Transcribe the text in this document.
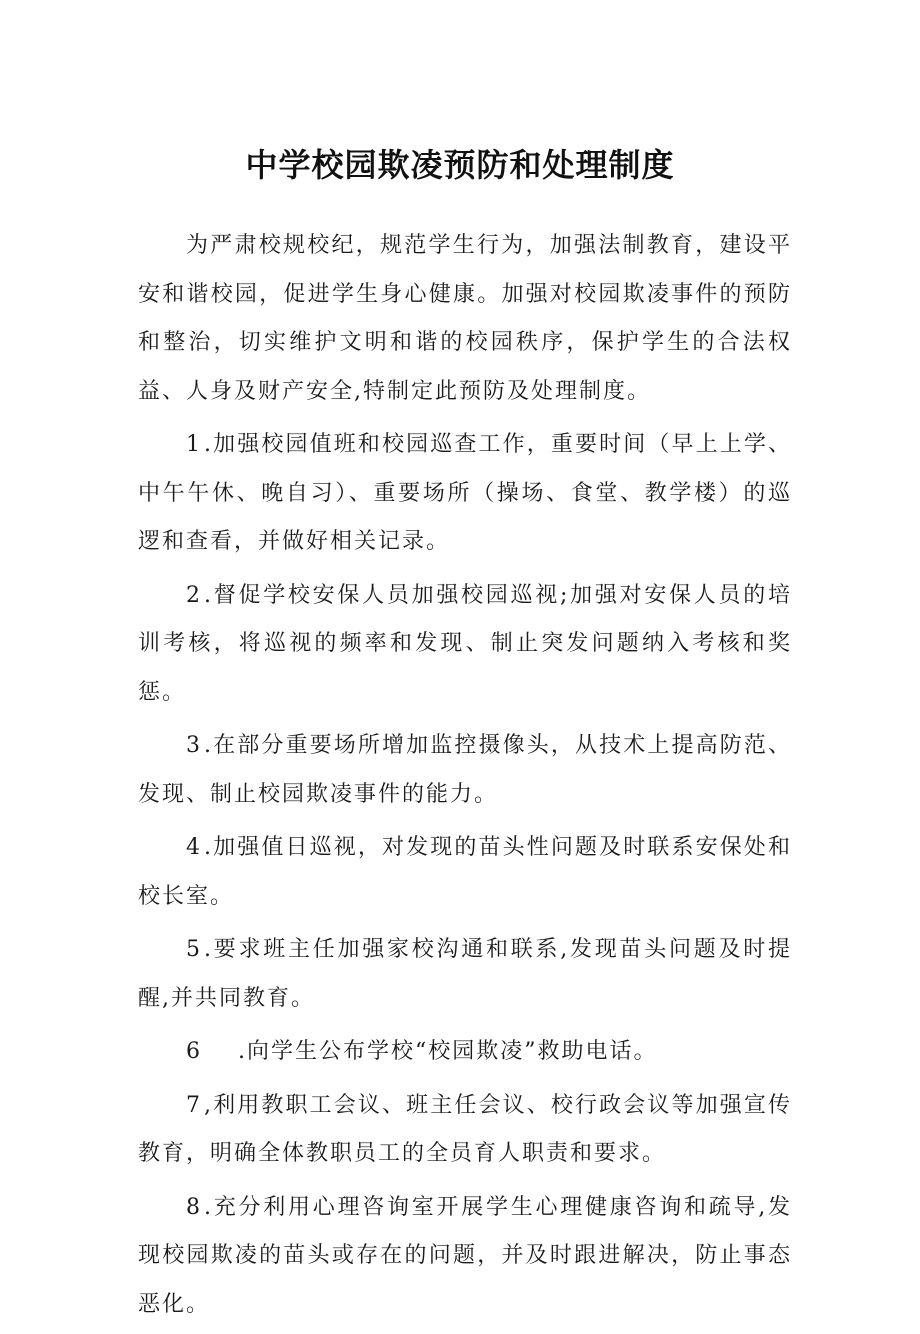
中学校园欺凌预防和处理制度

为严肃校规校纪，规范学生行为，加强法制教育，建设平安和谐校园，促进学生身心健康。加强对校园欺凌事件的预防和整治，切实维护文明和谐的校园秩序，保护学生的合法权益、人身及财产安全,特制定此预防及处理制度。

1.加强校园值班和校园巡查工作，重要时间（早上上学、中午午休、晚自习）、重要场所（操场、食堂、教学楼）的巡逻和查看，并做好相关记录。

2.督促学校安保人员加强校园巡视;加强对安保人员的培训考核，将巡视的频率和发现、制止突发问题纳入考核和奖惩。

3.在部分重要场所增加监控摄像头，从技术上提高防范、发现、制止校园欺凌事件的能力。

4.加强值日巡视，对发现的苗头性问题及时联系安保处和校长室。

5.要求班主任加强家校沟通和联系,发现苗头问题及时提醒,并共同教育。

6 .向学生公布学校“校园欺凌”救助电话。

7,利用教职工会议、班主任会议、校行政会议等加强宣传教育，明确全体教职员工的全员育人职责和要求。

8.充分利用心理咨询室开展学生心理健康咨询和疏导,发现校园欺凌的苗头或存在的问题，并及时跟进解决，防止事态恶化。
